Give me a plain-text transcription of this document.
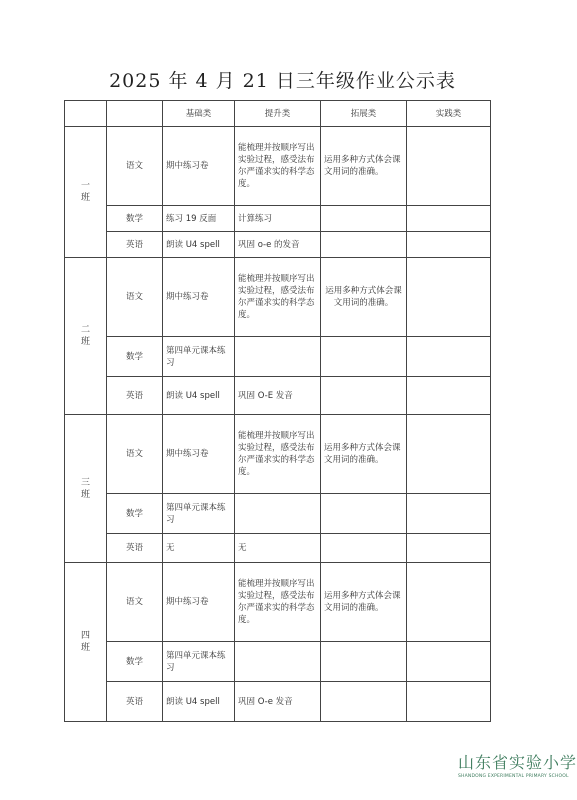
2025 年 4 月 21 日三年级作业公示表
		基础类	提升类	拓展类	实践类

一
班	语文	期中练习卷	能梳理并按顺序写出实验过程，感受法布尔严谨求实的科学态度。	运用多种方式体会课文用词的准确。	
	数学	练习 19 反面	计算练习		
	英语	朗读 U4 spell	巩固 o-e 的发音		

二
班	语文	期中练习卷	能梳理并按顺序写出实验过程，感受法布尔严谨求实的科学态度。	运用多种方式体会课文用词的准确。	
	数学	第四单元课本练习			
	英语	朗读 U4 spell	巩固 O-E 发音		

三
班	语文	期中练习卷	能梳理并按顺序写出实验过程，感受法布尔严谨求实的科学态度。	运用多种方式体会课文用词的准确。	
	数学	第四单元课本练习			
	英语	无	无		

四
班	语文	期中练习卷	能梳理并按顺序写出实验过程，感受法布尔严谨求实的科学态度。	运用多种方式体会课文用词的准确。	
	数学	第四单元课本练习			
	英语	朗读 U4 spell	巩固 O-e 发音		
山东省实验小学
SHANDONG EXPERIMENTAL PRIMARY SCHOOL
